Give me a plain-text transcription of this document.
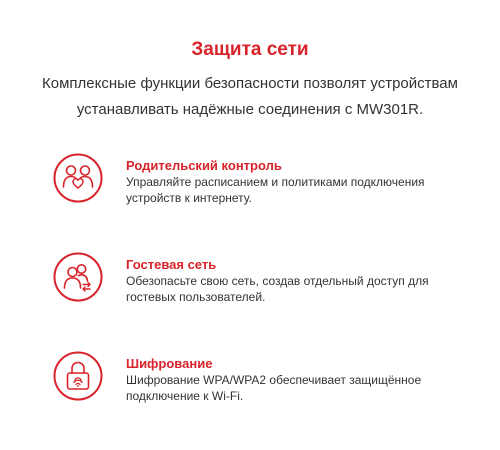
Защита сети
Комплексные функции безопасности позволят устройствам устанавливать надёжные соединения с MW301R.

Родительский контроль

Управляйте расписанием и политиками подключения устройств к интернету.

Гостевая сеть

Обезопасьте свою сеть, создав отдельный доступ для гостевых пользователей.

Шифрование

Шифрование WPA/WPA2 обеспечивает защищённое подключение к Wi-Fi.
